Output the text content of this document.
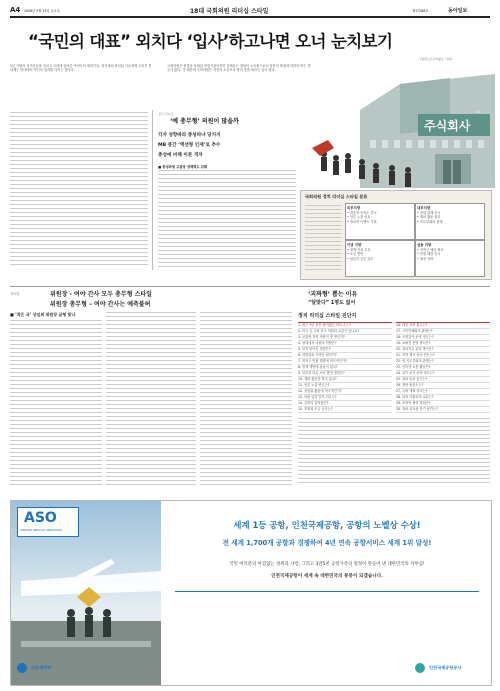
A4 2008년 5월 13일 금요일	18대 국회의원 리더십 스타일	제17288호	동아일보
“국민의 대표” 외치다 ‘입사’하고나면 오너 눈치보기
(일러스트=이광오 기자)
1년 가량의 선거운동을 마치고 국회에 들어간 여의도의 새내기들. 선거에서 당선된 이들에게 주어진 첫 과제는 당내에서 자신의 입지를 다지는 것이다.
국회의원은 헌법상 독립된 헌법기관이지만 실제로는 정당의 소속원으로서 정당의 방침에 따라야 하는 경우가 많다. 이 때문에 국회의원은 자신의 소신보다 당의 뜻을 따르는 일이 잦다.
주식회사
Inc.
정치 리더십
‘예 총무형’ 의원이 많을까
각자 성향따라 충성파냐 당지지
MB 중간 ‘액션형 인재’로 추수
충성에 비해 이론 격차
■ 충성파형 고참당 경제력도 위해
국회의원 정치 리더십 스타일 분류
외부지향
• 대중적 인지도 중시
• 언론 노출 선호
• 정치적 이벤트 기획
내부지향
• 당내 관계 중시
• 계파 활동 선호
• 지도부와의 관계
이념 지향
• 정책·가치 우선
• 소신 발언
• 당론과 갈등 감수
실용 지향
• 지역구 예산 확보
• 민원 해결 중시
• 재선 전략
지료형	위원장 - 여야 간사 모두 총무형 스타일
위원장 총무형 – 여야 간사는 예측불허
‘괴짜형’ 뽑는 이유
“달맞다” 1명도 없어
■ ‘작은 국’ 상임위 위원장 균형 맞나	정치 리더십 스타일 진단지
1. 최근 1년 동안 참여했던 회의 수는?
2. 미국 등 국외 한국 의원과 교류가 있나요?
3. 공관장 지역 의원이 몇 명인가?
4. 당내에서 의원의 역할은?
5. 당직 맡아본 경험은?
6. 대통령과 가까운 편인가?
7. 지역구 민원 해결에 적극적인가?
8. 정책 개발에 관심이 있나?
9. 당론과 다른 소신 발언 경험은?
10. 계파 활동을 하고 있나?
11. 언론 노출 빈도는?
12. 상임위 활동에 적극적인가?
13. 의원 입법 발의 건수는?
14. 본회의 출석률은?
15. 후원회 모금 규모는?
16. 대중 강연 횟수는?
17. 시민단체와의 관계는?
18. 국정감사 준비 정도는?
19. 보좌진 운영 방식은?
20. 정치자금 관리 방식은?
21. 지역 행사 참석 빈도는?
22. 당 지도부와의 관계는?
23. 인터넷 소통 활동은?
24. 차기 선거 준비 정도는?
25. 정치 입문 동기는?
26. 정당 충성도는?
27. 국회 개혁 의지는?
28. 타당 의원과의 교류는?
29. 초당적 협력 경험은?
30. 정치 리더십 자기 평가는?
ASO
AIRPORT SERVICE OPERATION	세계 1등 공항, 인천국제공항, 공항의 노벨상 수상!
전 세계 1,700개 공항과 경쟁하여 4년 연속 공항서비스 세계 1위 달성!
국민 여러분의 아낌없는 성원과 사랑, 그리고 3만5천 공항가족의 열정이 만들어 낸 대한민국의 자부심!
인천국제공항이 세계 속 대한민국의 통봉이 되겠습니다.
국토해양부	인천국제공항공사
